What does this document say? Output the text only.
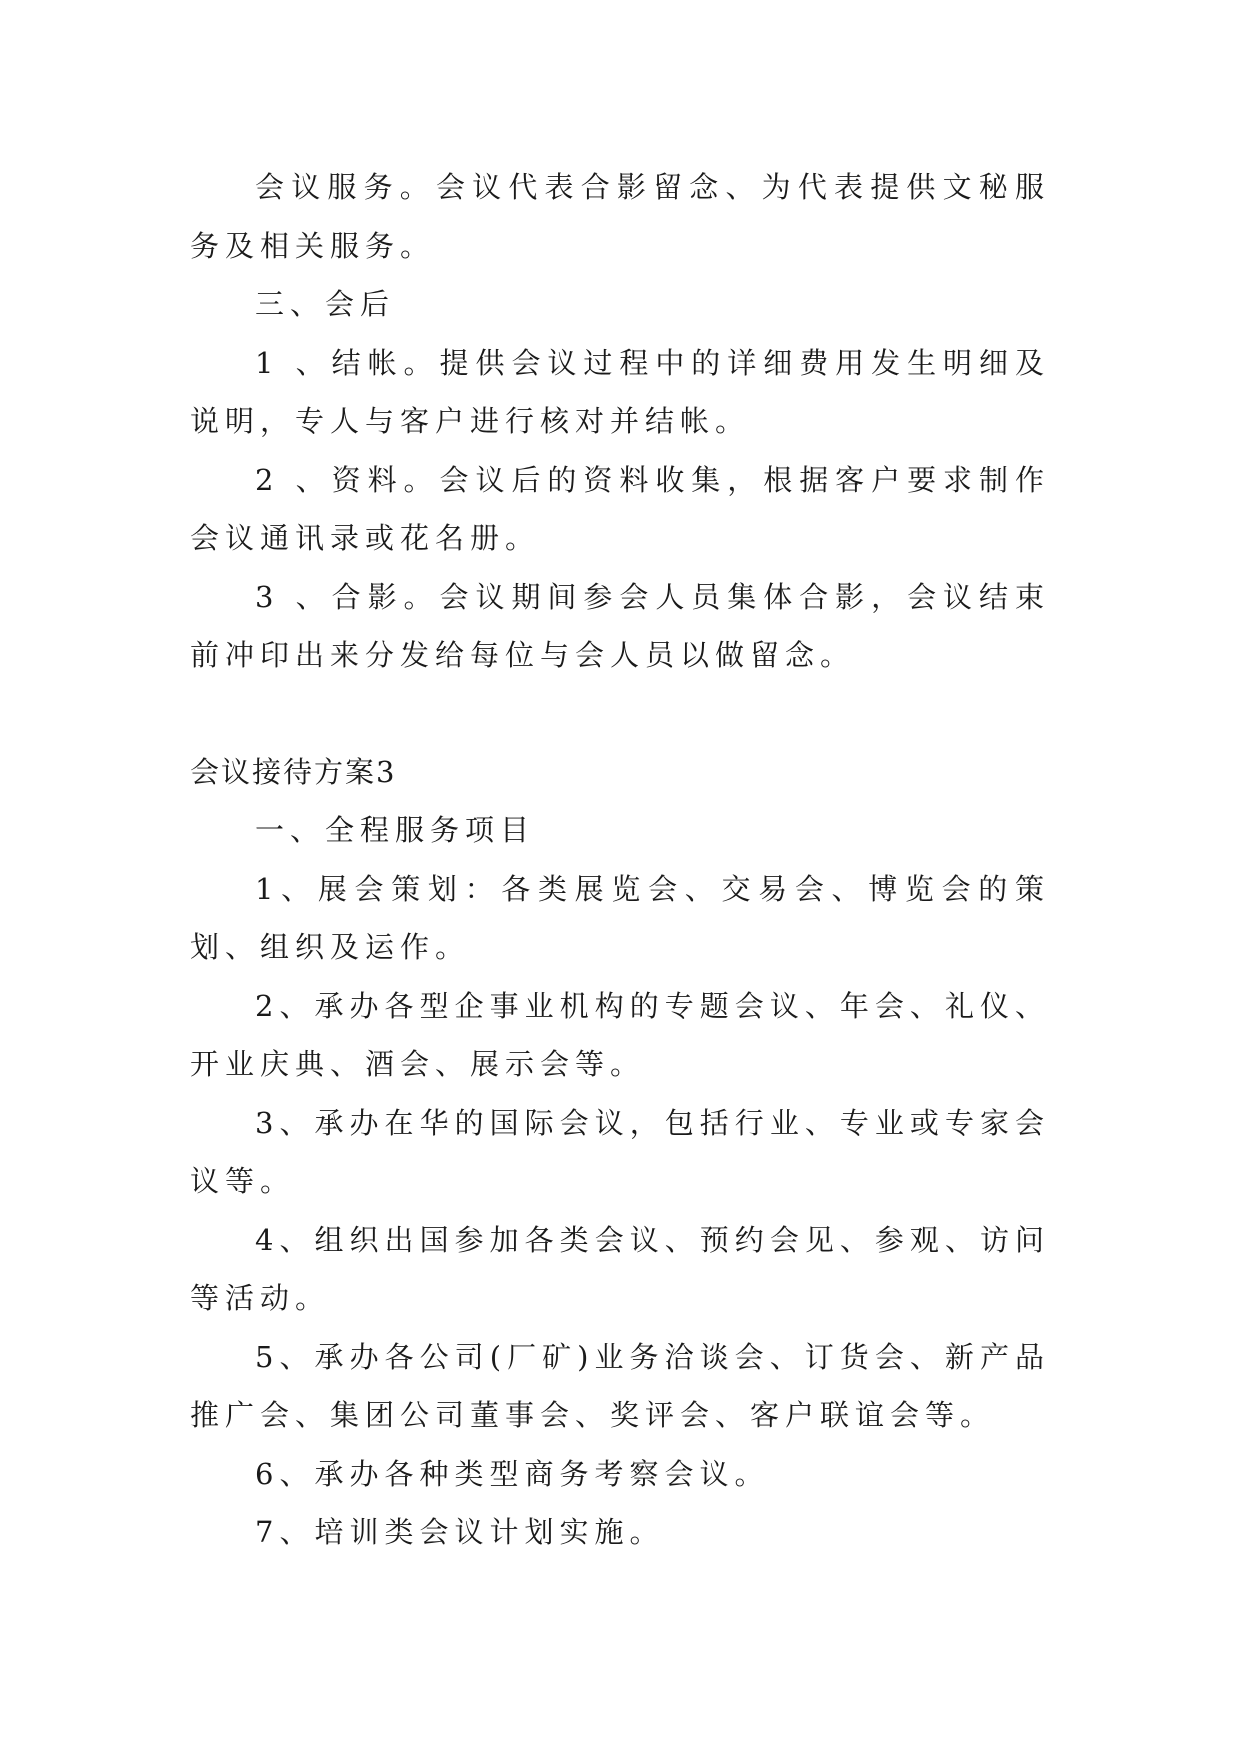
会议服务。会议代表合影留念、为代表提供文秘服务及相关服务。

三、会后

1 、结帐。提供会议过程中的详细费用发生明细及说明，专人与客户进行核对并结帐。

2 、资料。会议后的资料收集，根据客户要求制作会议通讯录或花名册。

3 、合影。会议期间参会人员集体合影，会议结束前冲印出来分发给每位与会人员以做留念。

会议接待方案3

一、全程服务项目

1、展会策划：各类展览会、交易会、博览会的策划、组织及运作。

2、承办各型企事业机构的专题会议、年会、礼仪、开业庆典、酒会、展示会等。

3、承办在华的国际会议，包括行业、专业或专家会议等。

4、组织出国参加各类会议、预约会见、参观、访问等活动。

5、承办各公司(厂矿)业务洽谈会、订货会、新产品推广会、集团公司董事会、奖评会、客户联谊会等。

6、承办各种类型商务考察会议。

7、培训类会议计划实施。
